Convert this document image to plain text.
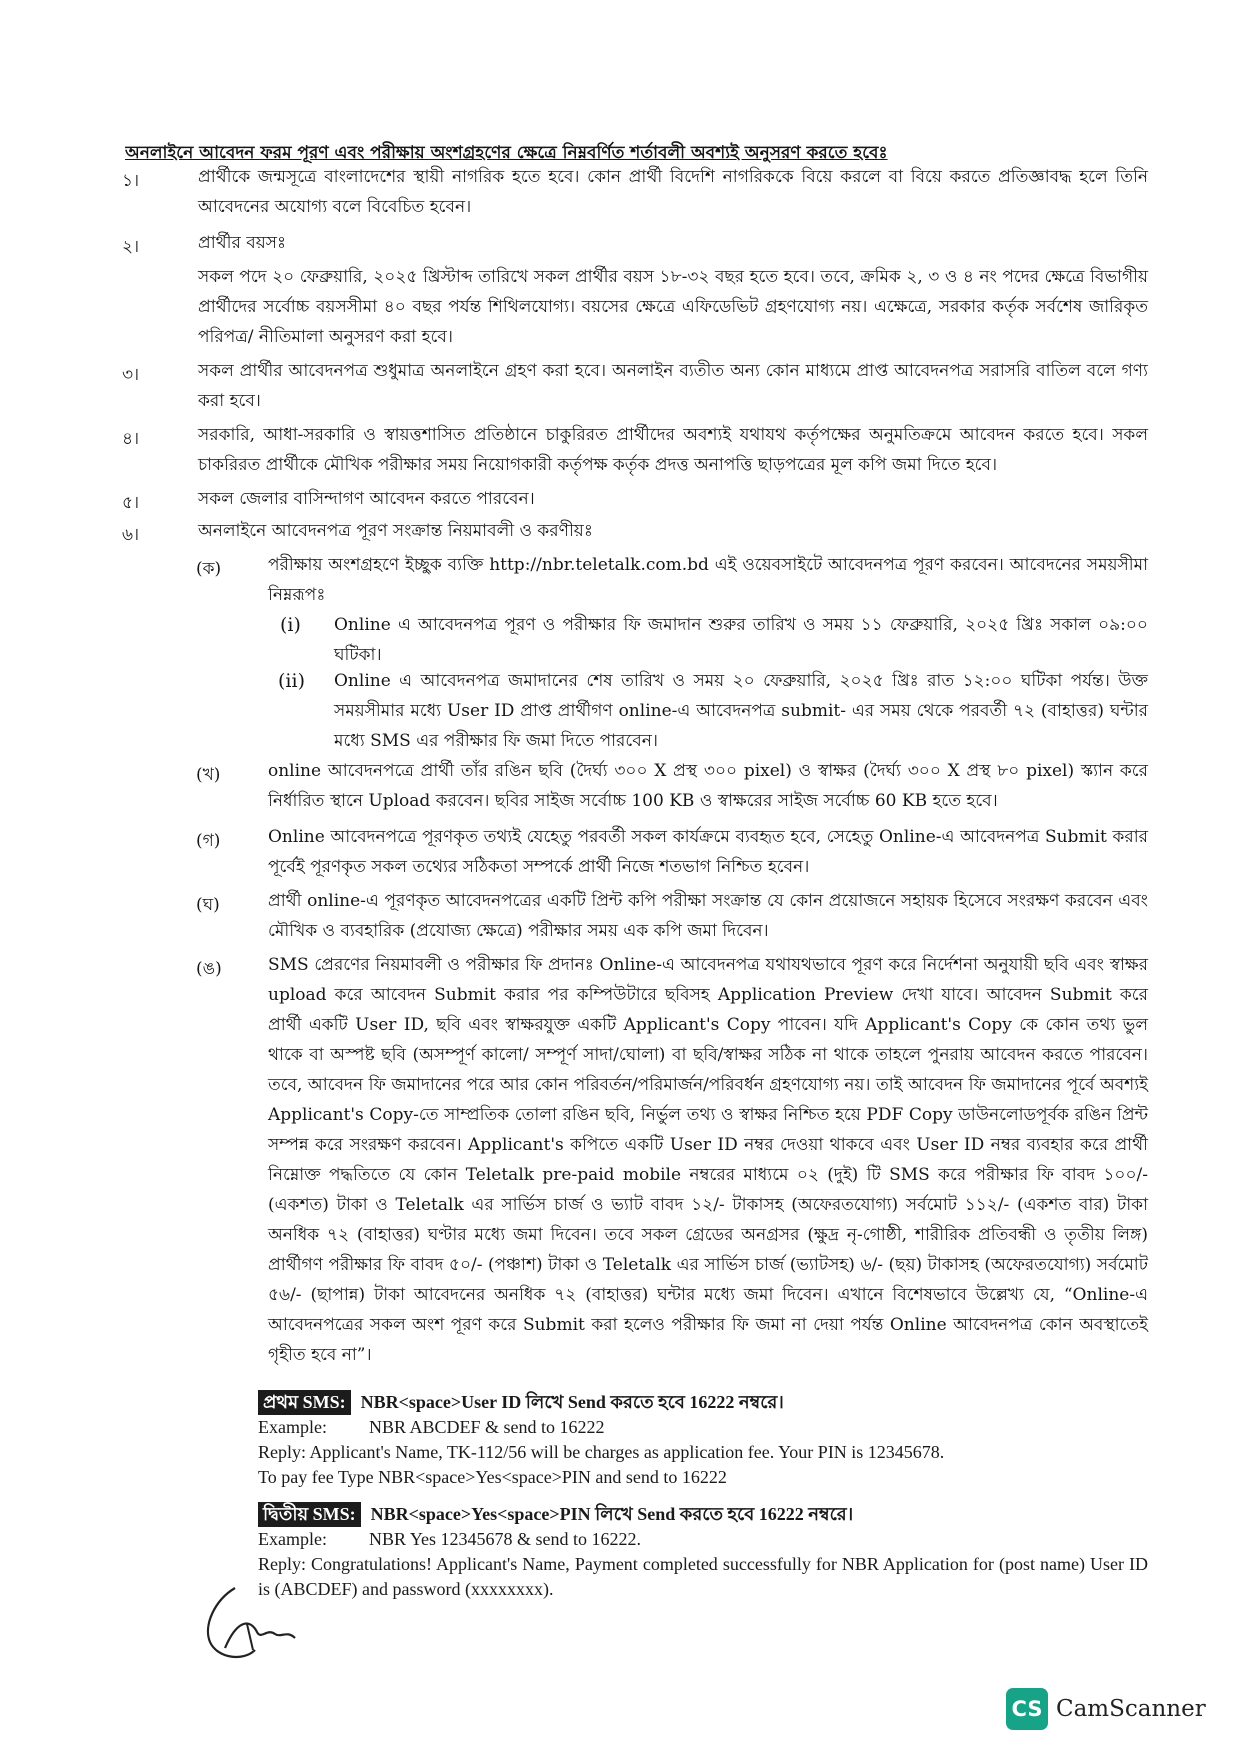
অনলাইনে আবেদন ফরম পূরণ এবং পরীক্ষায় অংশগ্রহণের ক্ষেত্রে নিম্নবর্ণিত শর্তাবলী অবশ্যই অনুসরণ করতে হবেঃ
১।	প্রার্থীকে জন্মসূত্রে বাংলাদেশের স্থায়ী নাগরিক হতে হবে। কোন প্রার্থী বিদেশি নাগরিককে বিয়ে করলে বা বিয়ে করতে প্রতিজ্ঞাবদ্ধ হলে তিনি আবেদনের অযোগ্য বলে বিবেচিত হবেন।

২।	প্রার্থীর বয়সঃ

সকল পদে ২০ ফেব্রুয়ারি, ২০২৫ খ্রিস্টাব্দ তারিখে সকল প্রার্থীর বয়স ১৮-৩২ বছর হতে হবে। তবে, ক্রমিক ২, ৩ ও ৪ নং পদের ক্ষেত্রে বিভাগীয় প্রার্থীদের সর্বোচ্চ বয়সসীমা ৪০ বছর পর্যন্ত শিথিলযোগ্য। বয়সের ক্ষেত্রে এফিডেভিট গ্রহণযোগ্য নয়। এক্ষেত্রে, সরকার কর্তৃক সর্বশেষ জারিকৃত পরিপত্র/ নীতিমালা অনুসরণ করা হবে।

৩।	সকল প্রার্থীর আবেদনপত্র শুধুমাত্র অনলাইনে গ্রহণ করা হবে। অনলাইন ব্যতীত অন্য কোন মাধ্যমে প্রাপ্ত আবেদনপত্র সরাসরি বাতিল বলে গণ্য করা হবে।

৪।	সরকারি, আধা-সরকারি ও স্বায়ত্তশাসিত প্রতিষ্ঠানে চাকুরিরত প্রার্থীদের অবশ্যই যথাযথ কর্তৃপক্ষের অনুমতিক্রমে আবেদন করতে হবে। সকল চাকরিরত প্রার্থীকে মৌখিক পরীক্ষার সময় নিয়োগকারী কর্তৃপক্ষ কর্তৃক প্রদত্ত অনাপত্তি ছাড়পত্রের মূল কপি জমা দিতে হবে।

৫।	সকল জেলার বাসিন্দাগণ আবেদন করতে পারবেন।

৬।	অনলাইনে আবেদনপত্র পূরণ সংক্রান্ত নিয়মাবলী ও করণীয়ঃ

(ক)	পরীক্ষায় অংশগ্রহণে ইচ্ছুক ব্যক্তি http://nbr.teletalk.com.bd এই ওয়েবসাইটে আবেদনপত্র পূরণ করবেন। আবেদনের সময়সীমা নিম্নরূপঃ

(i) Online এ আবেদনপত্র পূরণ ও পরীক্ষার ফি জমাদান শুরুর তারিখ ও সময় ১১ ফেব্রুয়ারি, ২০২৫ খ্রিঃ সকাল ০৯:০০ ঘটিকা।

(ii) Online এ আবেদনপত্র জমাদানের শেষ তারিখ ও সময় ২০ ফেব্রুয়ারি, ২০২৫ খ্রিঃ রাত ১২:০০ ঘটিকা পর্যন্ত। উক্ত সময়সীমার মধ্যে User ID প্রাপ্ত প্রার্থীগণ online-এ আবেদনপত্র submit- এর সময় থেকে পরবর্তী ৭২ (বাহাত্তর) ঘন্টার মধ্যে SMS এর পরীক্ষার ফি জমা দিতে পারবেন।

(খ)	online আবেদনপত্রে প্রার্থী তাঁর রঙিন ছবি (দৈর্ঘ্য ৩০০ X প্রস্থ ৩০০ pixel) ও স্বাক্ষর (দৈর্ঘ্য ৩০০ X প্রস্থ ৮০ pixel) স্ক্যান করে নির্ধারিত স্থানে Upload করবেন। ছবির সাইজ সর্বোচ্চ 100 KB ও স্বাক্ষরের সাইজ সর্বোচ্চ 60 KB হতে হবে।

(গ)	Online আবেদনপত্রে পূরণকৃত তথ্যই যেহেতু পরবর্তী সকল কার্যক্রমে ব্যবহৃত হবে, সেহেতু Online-এ আবেদনপত্র Submit করার পূর্বেই পূরণকৃত সকল তথ্যের সঠিকতা সম্পর্কে প্রার্থী নিজে শতভাগ নিশ্চিত হবেন।

(ঘ)	প্রার্থী online-এ পূরণকৃত আবেদনপত্রের একটি প্রিন্ট কপি পরীক্ষা সংক্রান্ত যে কোন প্রয়োজনে সহায়ক হিসেবে সংরক্ষণ করবেন এবং মৌখিক ও ব্যবহারিক (প্রযোজ্য ক্ষেত্রে) পরীক্ষার সময় এক কপি জমা দিবেন।

(ঙ)	SMS প্রেরণের নিয়মাবলী ও পরীক্ষার ফি প্রদানঃ Online-এ আবেদনপত্র যথাযথভাবে পূরণ করে নির্দেশনা অনুযায়ী ছবি এবং স্বাক্ষর upload করে আবেদন Submit করার পর কম্পিউটারে ছবিসহ Application Preview দেখা যাবে। আবেদন Submit করে প্রার্থী একটি User ID, ছবি এবং স্বাক্ষরযুক্ত একটি Applicant's Copy পাবেন। যদি Applicant's Copy কে কোন তথ্য ভুল থাকে বা অস্পষ্ট ছবি (অসম্পূর্ণ কালো/ সম্পূর্ণ সাদা/ঘোলা) বা ছবি/স্বাক্ষর সঠিক না থাকে তাহলে পুনরায় আবেদন করতে পারবেন। তবে, আবেদন ফি জমাদানের পরে আর কোন পরিবর্তন/পরিমার্জন/পরিবর্ধন গ্রহণযোগ্য নয়। তাই আবেদন ফি জমাদানের পূর্বে অবশ্যই Applicant's Copy-তে সাম্প্রতিক তোলা রঙিন ছবি, নির্ভুল তথ্য ও স্বাক্ষর নিশ্চিত হয়ে PDF Copy ডাউনলোডপূর্বক রঙিন প্রিন্ট সম্পন্ন করে সংরক্ষণ করবেন। Applicant's কপিতে একটি User ID নম্বর দেওয়া থাকবে এবং User ID নম্বর ব্যবহার করে প্রার্থী নিম্নোক্ত পদ্ধতিতে যে কোন Teletalk pre-paid mobile নম্বরের মাধ্যমে ০২ (দুই) টি SMS করে পরীক্ষার ফি বাবদ ১০০/- (একশত) টাকা ও Teletalk এর সার্ভিস চার্জ ও ভ্যাট বাবদ ১২/- টাকাসহ (অফেরতযোগ্য) সর্বমোট ১১২/- (একশত বার) টাকা অনধিক ৭২ (বাহাত্তর) ঘণ্টার মধ্যে জমা দিবেন। তবে সকল গ্রেডের অনগ্রসর (ক্ষুদ্র নৃ-গোষ্ঠী, শারীরিক প্রতিবন্ধী ও তৃতীয় লিঙ্গ) প্রার্থীগণ পরীক্ষার ফি বাবদ ৫০/- (পঞ্চাশ) টাকা ও Teletalk এর সার্ভিস চার্জ (ভ্যাটসহ) ৬/- (ছয়) টাকাসহ (অফেরতযোগ্য) সর্বমোট ৫৬/- (ছাপান্ন) টাকা আবেদনের অনধিক ৭২ (বাহাত্তর) ঘন্টার মধ্যে জমা দিবেন। এখানে বিশেষভাবে উল্লেখ্য যে, “Online-এ আবেদনপত্রের সকল অংশ পূরণ করে Submit করা হলেও পরীক্ষার ফি জমা না দেয়া পর্যন্ত Online আবেদনপত্র কোন অবস্থাতেই গৃহীত হবে না”।

প্রথম SMS: NBR<space>User ID লিখে Send করতে হবে 16222 নম্বরে।
Example: NBR ABCDEF & send to 16222
Reply: Applicant's Name, TK-112/56 will be charges as application fee. Your PIN is 12345678.
To pay fee Type NBR<space>Yes<space>PIN and send to 16222
দ্বিতীয় SMS: NBR<space>Yes<space>PIN লিখে Send করতে হবে 16222 নম্বরে।
Example: NBR Yes 12345678 & send to 16222.
Reply: Congratulations! Applicant's Name, Payment completed successfully for NBR Application for (post name) User ID is (ABCDEF) and password (xxxxxxxx).
CS CamScanner
